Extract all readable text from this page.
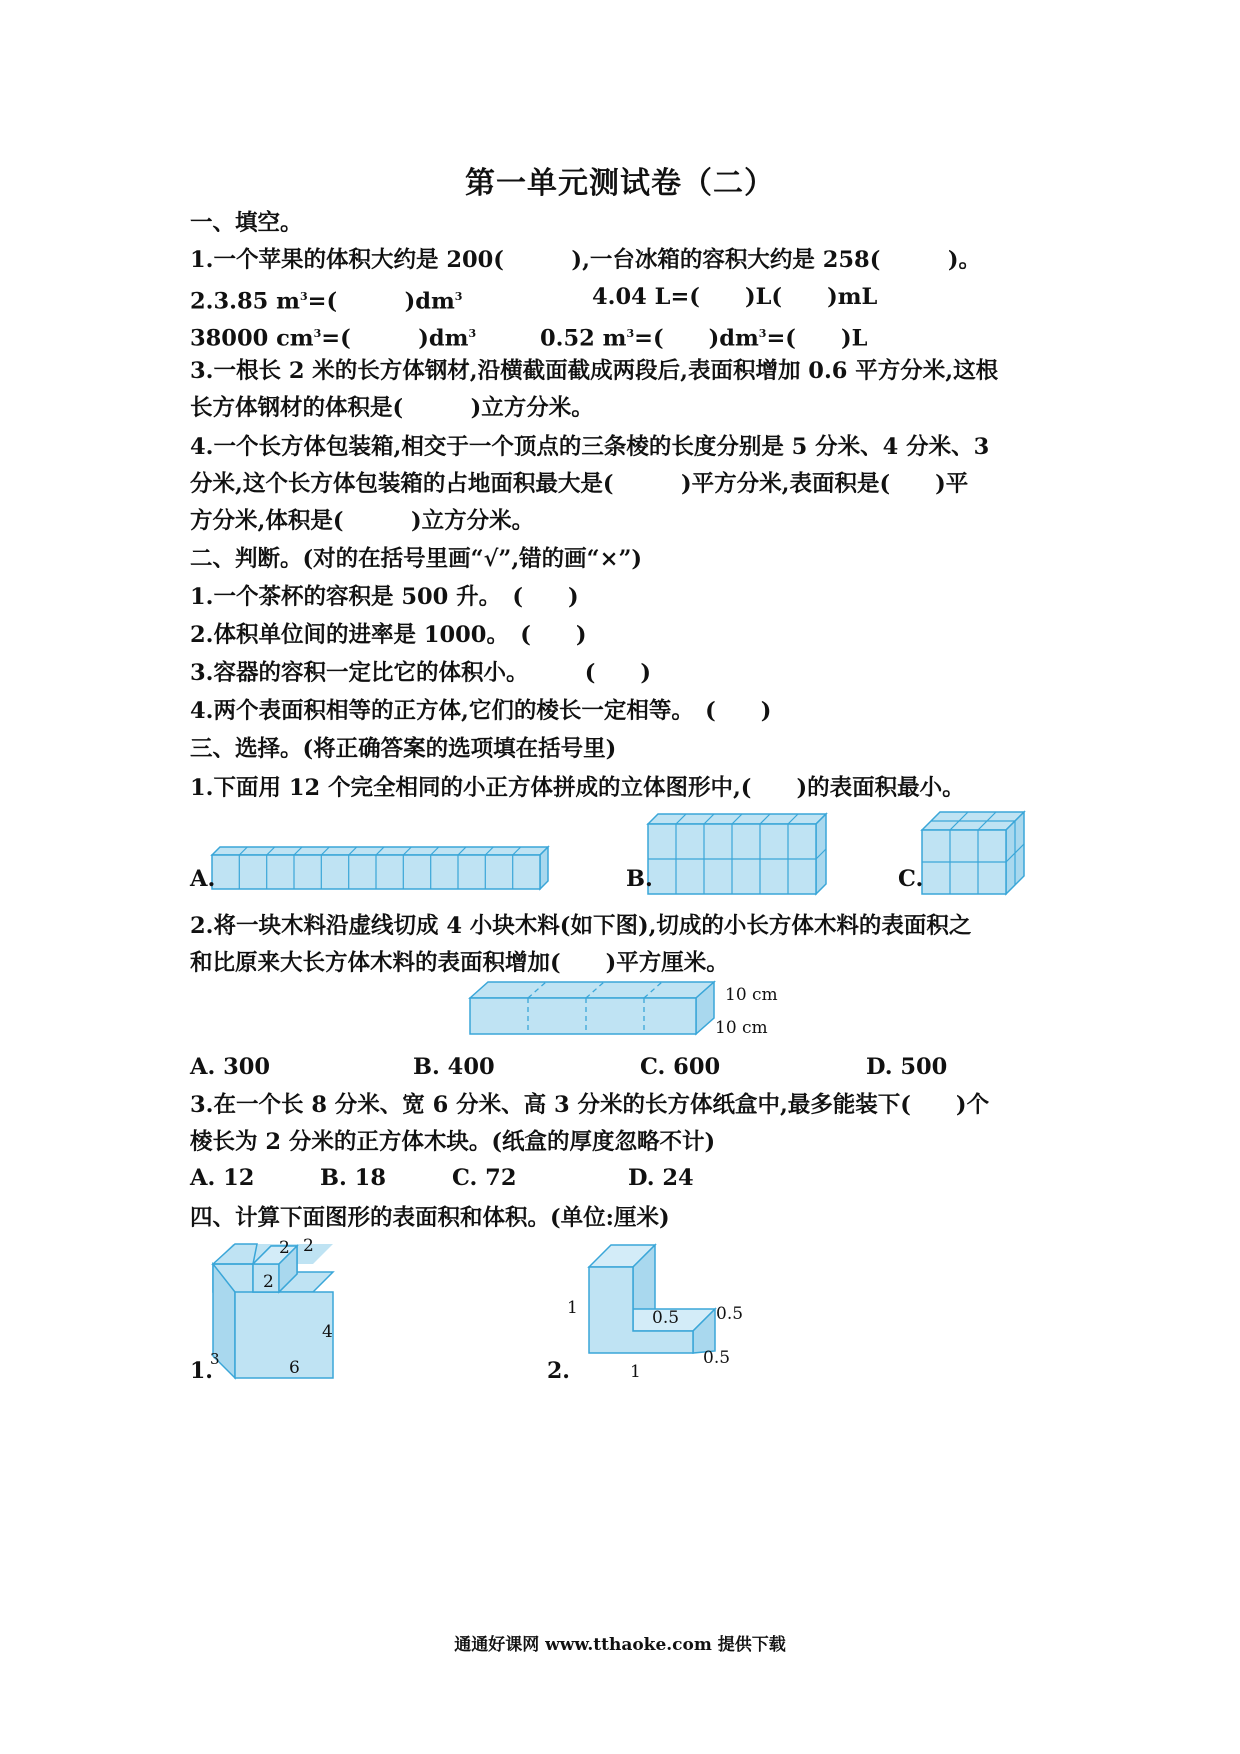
第一单元测试卷（二）
一、填空。
1.一个苹果的体积大约是 200(　　　),一台冰箱的容积大约是 258(　　　)。
2.3.85 $m^3=$(　　　)$dm^3$	4.04 L=(　　)L(　　)mL
38000 $cm^3=$(　　　)$dm^3$	0.52 $m^3=$(　　)$dm^3=$(　　)L
3.一根长 2 米的长方体钢材,沿横截面截成两段后,表面积增加 0.6 平方分米,这根
长方体钢材的体积是(　　　)立方分米。
4.一个长方体包装箱,相交于一个顶点的三条棱的长度分别是 5 分米、4 分米、3
分米,这个长方体包装箱的占地面积最大是(　　　)平方分米,表面积是(　　)平
方分米,体积是(　　　)立方分米。
二、判断。(对的在括号里画“√”,错的画“×”)
1.一个茶杯的容积是 500 升。　(　　)
2.体积单位间的进率是 1000。　(　　)
3.容器的容积一定比它的体积小。　　　(　　)
4.两个表面积相等的正方体,它们的棱长一定相等。　(　　)
三、选择。(将正确答案的选项填在括号里)
1.下面用 12 个完全相同的小正方体拼成的立体图形中,(　　)的表面积最小。
A.	B.	C.
2.将一块木料沿虚线切成 4 小块木料(如下图),切成的小长方体木料的表面积之
和比原来大长方体木料的表面积增加(　　)平方厘米。
10 cm
10 cm
A. 300	B. 400	C. 600	D. 500
3.在一个长 8 分米、宽 6 分米、高 3 分米的长方体纸盒中,最多能装下(　　)个
棱长为 2 分米的正方体木块。(纸盒的厚度忽略不计)
A. 12	B. 18	C. 72	D. 24
四、计算下面图形的表面积和体积。(单位:厘米)
2 2
2
4
6
3
1.
1	0.5 0.5
0.5
1
2.
通通好课网 www.tthaoke.com 提供下载
